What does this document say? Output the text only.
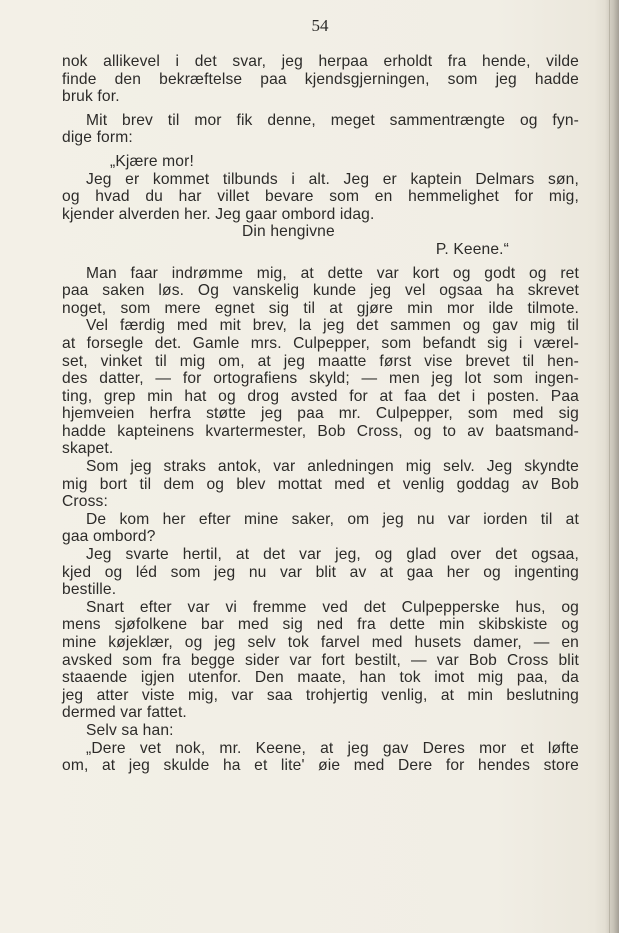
54
nok allikevel i det svar, jeg herpaa erholdt fra hende, vilde
finde den bekræftelse paa kjendsgjerningen, som jeg hadde
bruk for.
Mit brev til mor fik denne, meget sammentrængte og fyn-
dige form:
„Kjære mor!
Jeg er kommet tilbunds i alt. Jeg er kaptein Delmars søn,
og hvad du har villet bevare som en hemmelighet for mig,
kjender alverden her. Jeg gaar ombord idag.
Din hengivne
P. Keene.“
Man faar indrømme mig, at dette var kort og godt og ret
paa saken løs. Og vanskelig kunde jeg vel ogsaa ha skrevet
noget, som mere egnet sig til at gjøre min mor ilde tilmote.
Vel færdig med mit brev, la jeg det sammen og gav mig til
at forsegle det. Gamle mrs. Culpepper, som befandt sig i værel-
set, vinket til mig om, at jeg maatte først vise brevet til hen-
des datter, — for ortografiens skyld; — men jeg lot som ingen-
ting, grep min hat og drog avsted for at faa det i posten. Paa
hjemveien herfra støtte jeg paa mr. Culpepper, som med sig
hadde kapteinens kvartermester, Bob Cross, og to av baatsmand-
skapet.
Som jeg straks antok, var anledningen mig selv. Jeg skyndte
mig bort til dem og blev mottat med et venlig goddag av Bob
Cross:
De kom her efter mine saker, om jeg nu var iorden til at
gaa ombord?
Jeg svarte hertil, at det var jeg, og glad over det ogsaa,
kjed og léd som jeg nu var blit av at gaa her og ingenting
bestille.
Snart efter var vi fremme ved det Culpepperske hus, og
mens sjøfolkene bar med sig ned fra dette min skibskiste og
mine køjeklær, og jeg selv tok farvel med husets damer, — en
avsked som fra begge sider var fort bestilt, — var Bob Cross blit
staaende igjen utenfor. Den maate, han tok imot mig paa, da
jeg atter viste mig, var saa trohjertig venlig, at min beslutning
dermed var fattet.
Selv sa han:
„Dere vet nok, mr. Keene, at jeg gav Deres mor et løfte
om, at jeg skulde ha et lite' øie med Dere for hendes store
